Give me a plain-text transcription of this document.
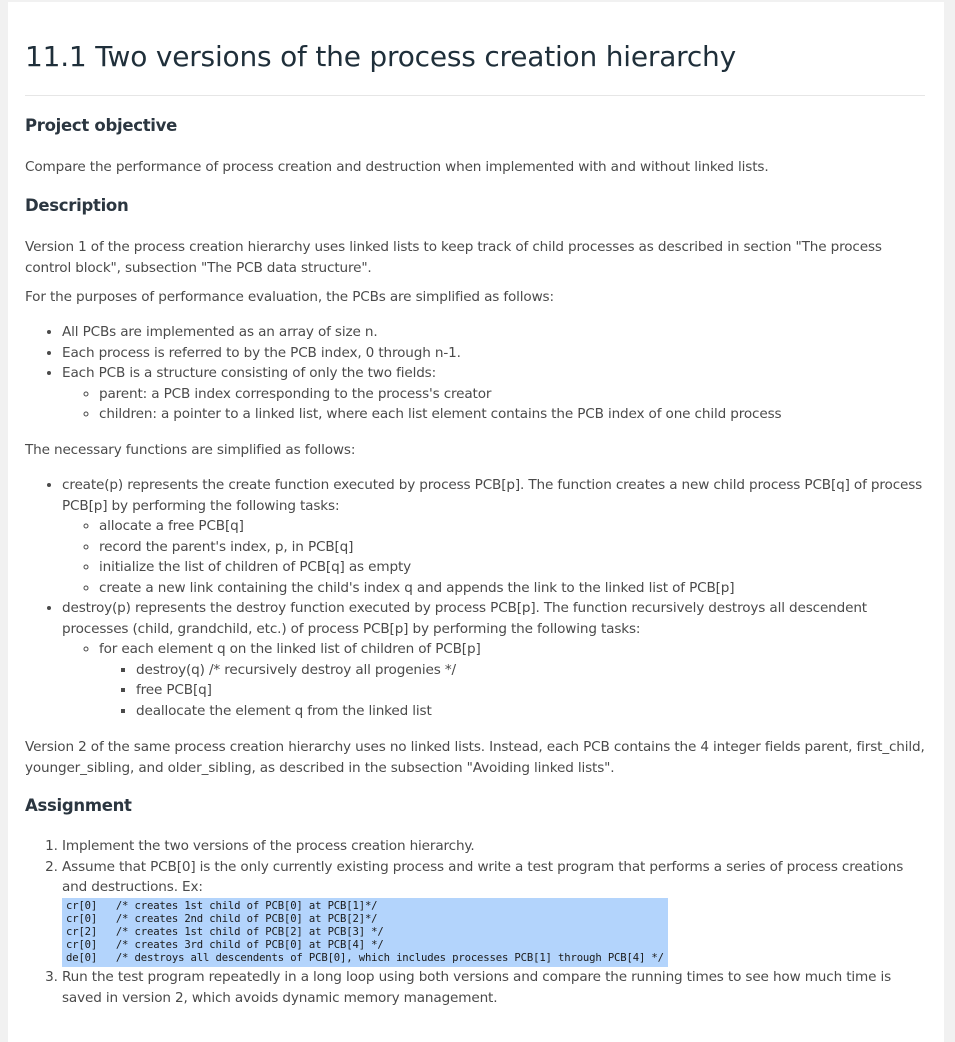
11.1 Two versions of the process creation hierarchy
Project objective

Compare the performance of process creation and destruction when implemented with and without linked lists.

Description

Version 1 of the process creation hierarchy uses linked lists to keep track of child processes as described in section "The process control block", subsection "The PCB data structure".

For the purposes of performance evaluation, the PCBs are simplified as follows:

• All PCBs are implemented as an array of size n.
• Each process is referred to by the PCB index, 0 through n-1.
• Each PCB is a structure consisting of only the two fields:
◦ parent: a PCB index corresponding to the process's creator
◦ children: a pointer to a linked list, where each list element contains the PCB index of one child process

The necessary functions are simplified as follows:

• create(p) represents the create function executed by process PCB[p]. The function creates a new child process PCB[q] of process PCB[p] by performing the following tasks:
◦ allocate a free PCB[q]
◦ record the parent's index, p, in PCB[q]
◦ initialize the list of children of PCB[q] as empty
◦ create a new link containing the child's index q and appends the link to the linked list of PCB[p]
• destroy(p) represents the destroy function executed by process PCB[p]. The function recursively destroys all descendent processes (child, grandchild, etc.) of process PCB[p] by performing the following tasks:
◦ for each element q on the linked list of children of PCB[p]
▪ destroy(q) /* recursively destroy all progenies */
▪ free PCB[q]
▪ deallocate the element q from the linked list

Version 2 of the same process creation hierarchy uses no linked lists. Instead, each PCB contains the 4 integer fields parent, first_child, younger_sibling, and older_sibling, as described in the subsection "Avoiding linked lists".

Assignment
1. Implement the two versions of the process creation hierarchy.
2. Assume that PCB[0] is the only currently existing process and write a test program that performs a series of process creations and destructions. Ex:
cr[0]   /* creates 1st child of PCB[0] at PCB[1]*/
cr[0]   /* creates 2nd child of PCB[0] at PCB[2]*/
cr[2]   /* creates 1st child of PCB[2] at PCB[3] */
cr[0]   /* creates 3rd child of PCB[0] at PCB[4] */
de[0]   /* destroys all descendents of PCB[0], which includes processes PCB[1] through PCB[4] */
3. Run the test program repeatedly in a long loop using both versions and compare the running times to see how much time is saved in version 2, which avoids dynamic memory management.
